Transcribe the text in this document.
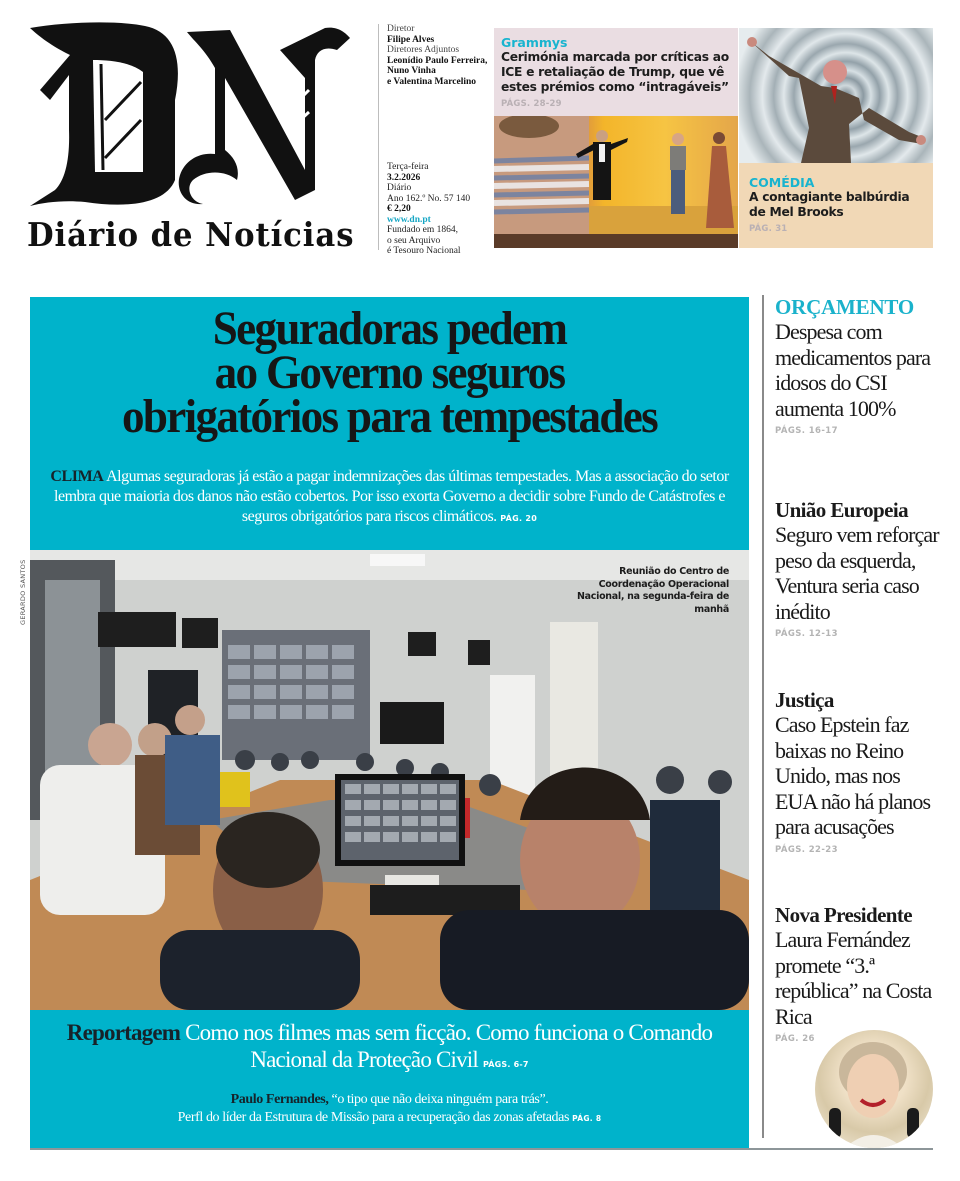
Diário de Notícias
Diretor
Filipe Alves
Diretores Adjuntos
Leonídio Paulo Ferreira,
Nuno Vinha
e Valentina Marcelino
Terça-feira
3.2.2026
Diário
Ano 162.º No. 57 140
€ 2,20
www.dn.pt
Fundado em 1864,
o seu Arquivo
é Tesouro Nacional
Grammys
Cerimónia marcada por críticas ao ICE e retaliação de Trump, que vê estes prémios como “intragáveis”
PÁGS. 28-29
COMÉDIA
A contagiante balbúrdia de Mel Brooks
PÁG. 31
Seguradoras pedem
ao Governo seguros
obrigatórios para tempestades
CLIMA Algumas seguradoras já estão a pagar indemnizações das últimas tempestades. Mas a associação do setor lembra que maioria dos danos não estão cobertos. Por isso exorta Governo a decidir sobre Fundo de Catástrofes e seguros obrigatórios para riscos climáticos. PÁG. 20
Reunião do Centro de Coordenação Operacional Nacional, na segunda-feira de manhã
Reportagem Como nos filmes mas sem ficção. Como funciona o Comando Nacional da Proteção Civil PÁGS. 6-7
Paulo Fernandes, “o tipo que não deixa ninguém para trás”.
Perfl do líder da Estrutura de Missão para a recuperação das zonas afetadas PÁG. 8
GERARDO SANTOS
ORÇAMENTO
Despesa com medicamentos para idosos do CSI aumenta 100%
PÁGS. 16-17
União Europeia
Seguro vem reforçar peso da esquerda, Ventura seria caso inédito
PÁGS. 12-13
Justiça
Caso Epstein faz baixas no Reino Unido, mas nos EUA não há planos para acusações
PÁGS. 22-23
Nova Presidente
Laura Fernández promete “3.ª república” na Costa Rica
PÁG. 26
